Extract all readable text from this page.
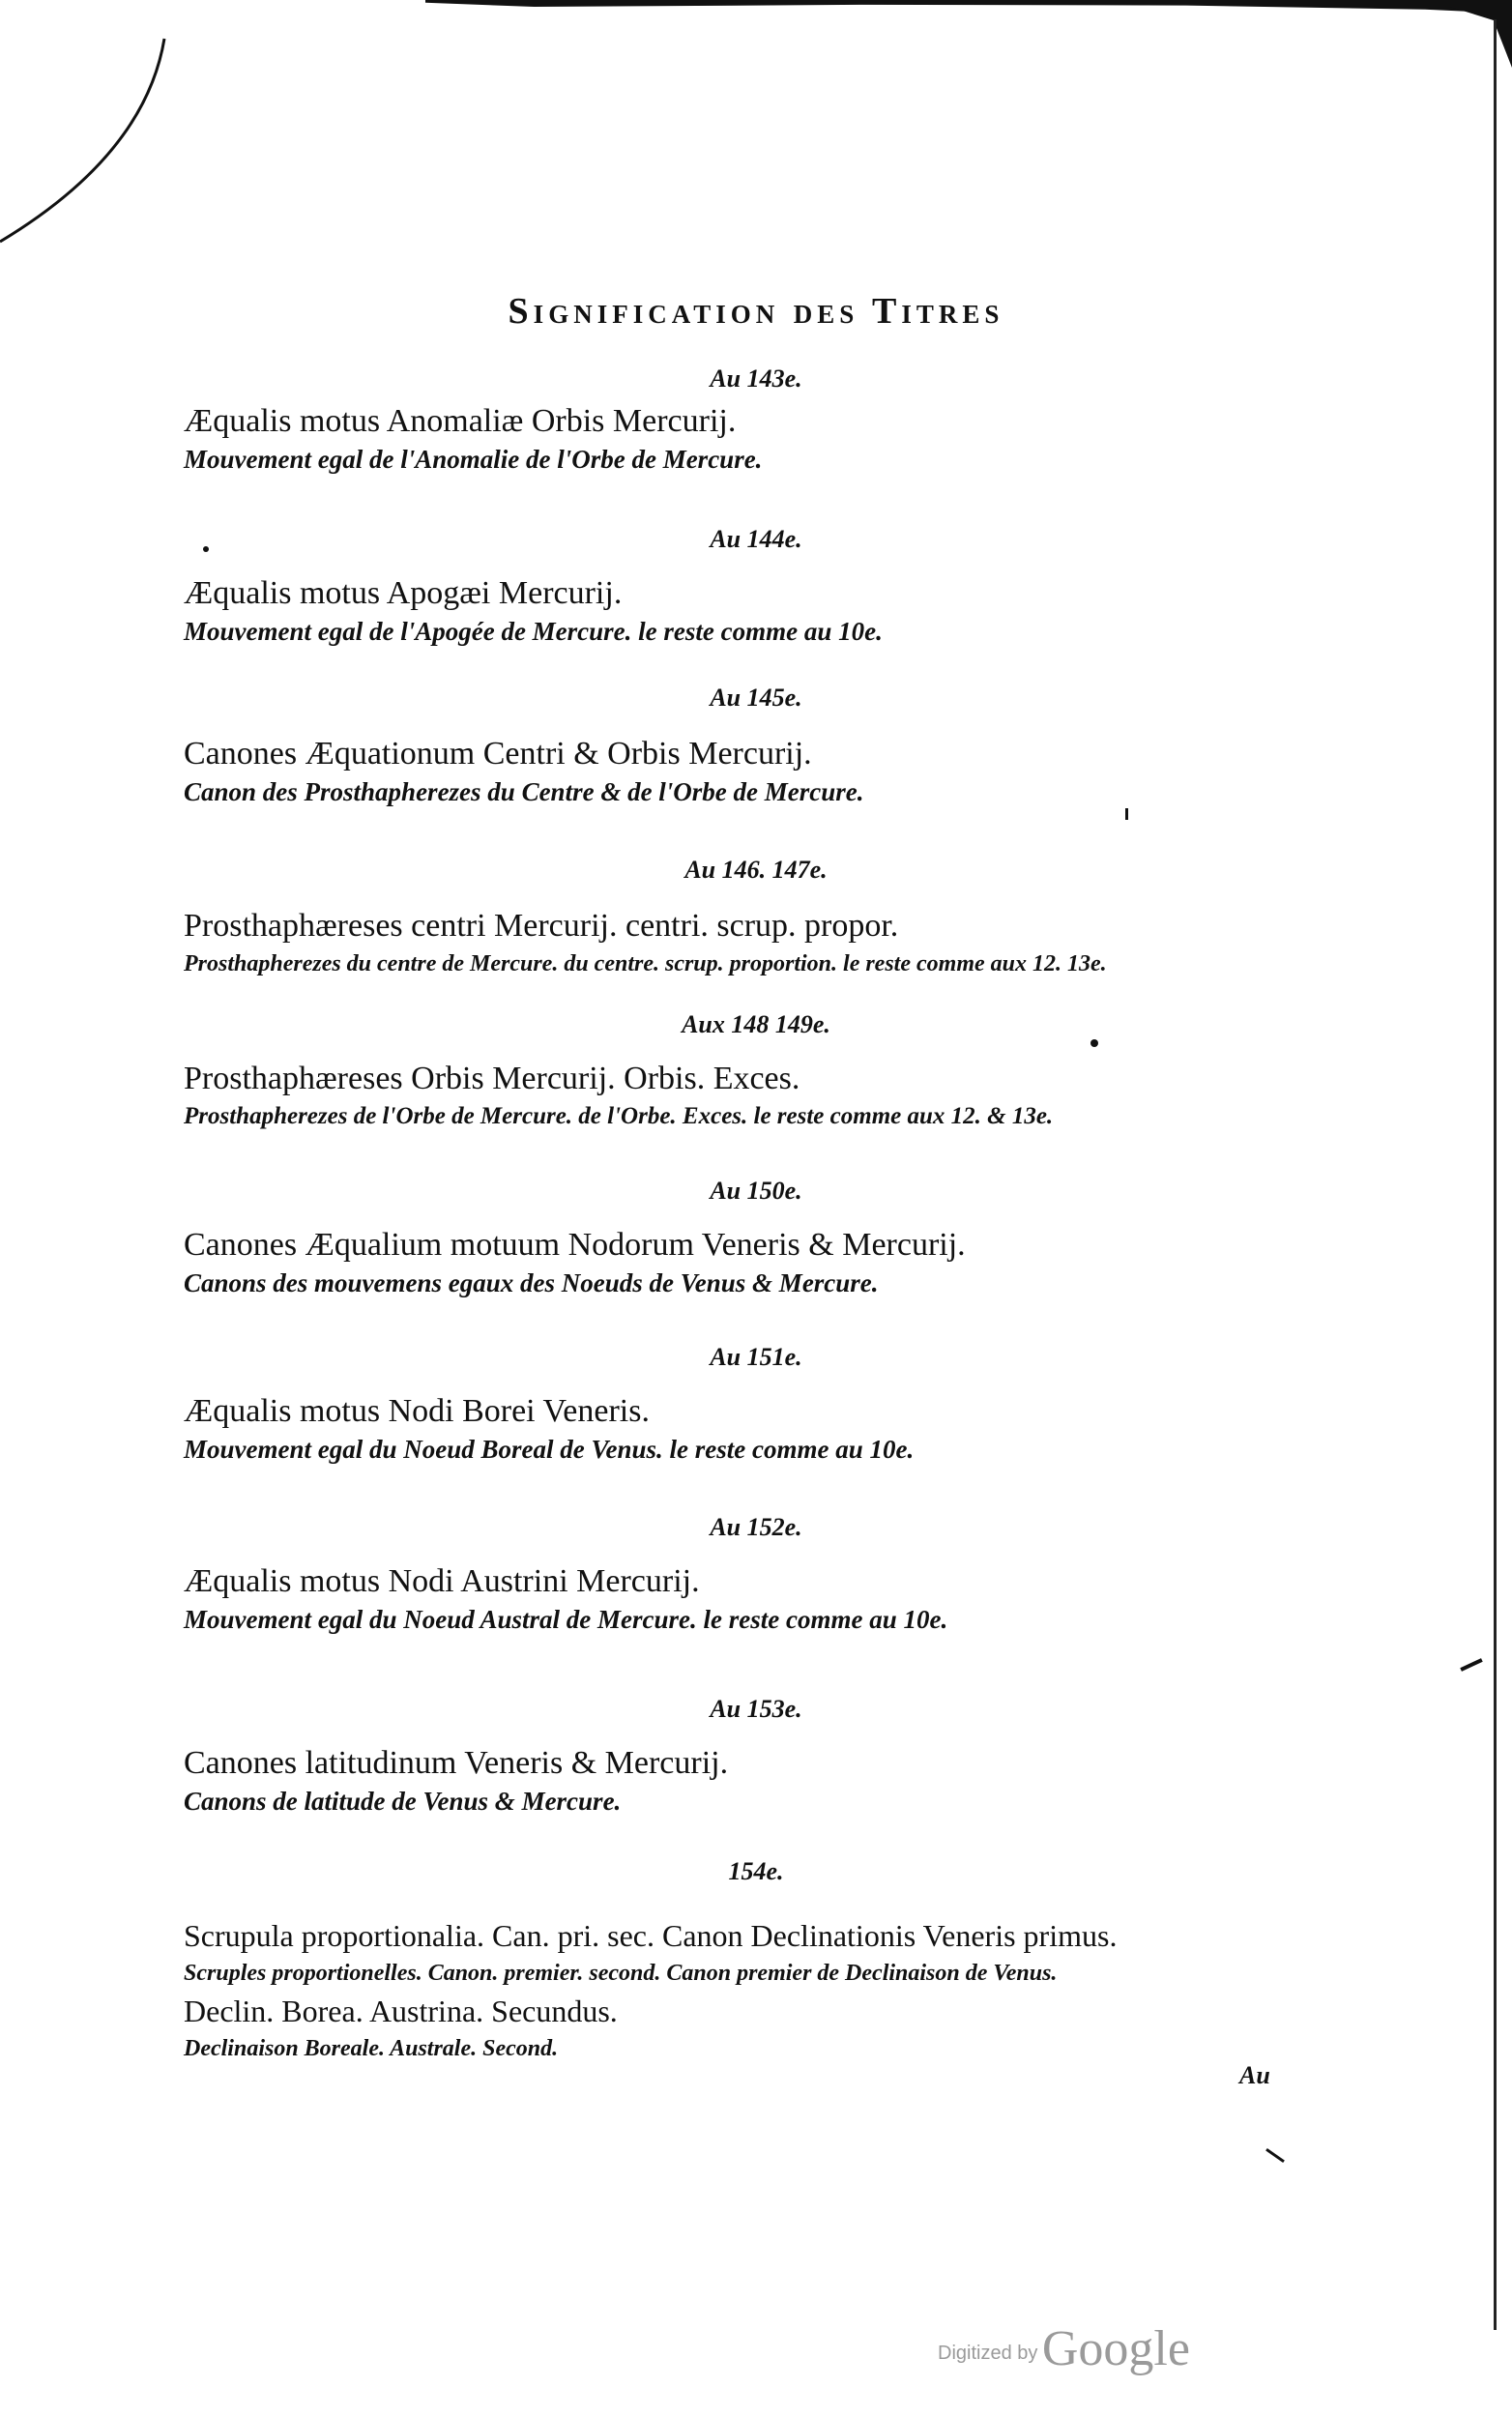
Signification des Titres
Au 143e.
Æqualis motus Anomaliæ Orbis Mercurij.
Mouvement egal de l'Anomalie de l'Orbe de Mercure.
Au 144e.
Æqualis motus Apogæi Mercurij.
Mouvement egal de l'Apogée de Mercure. le reste comme au 10e.
Au 145e.
Canones Æquationum Centri & Orbis Mercurij.
Canon des Prosthapherezes du Centre & de l'Orbe de Mercure.
Au 146. 147e.
Prosthaphæreses centri Mercurij. centri. scrup. propor.
Prosthapherezes du centre de Mercure. du centre. scrup. proportion. le reste comme aux 12. 13e.
Aux 148 149e.
Prosthaphæreses Orbis Mercurij. Orbis. Exces.
Prosthapherezes de l'Orbe de Mercure. de l'Orbe. Exces. le reste comme aux 12. & 13e.
Au 150e.
Canones Æqualium motuum Nodorum Veneris & Mercurij.
Canons des mouvemens egaux des Noeuds de Venus & Mercure.
Au 151e.
Æqualis motus Nodi Borei Veneris.
Mouvement egal du Noeud Boreal de Venus. le reste comme au 10e.
Au 152e.
Æqualis motus Nodi Austrini Mercurij.
Mouvement egal du Noeud Austral de Mercure. le reste comme au 10e.
Au 153e.
Canones latitudinum Veneris & Mercurij.
Canons de latitude de Venus & Mercure.
154e.
Scrupula proportionalia. Can. pri. sec. Canon Declinationis Veneris primus.
Scruples proportionelles. Canon. premier. second. Canon premier de Declinaison de Venus.
Declin. Borea. Austrina. Secundus.
Declinaison Boreale. Australe. Second.
Au
Digitized by Google
